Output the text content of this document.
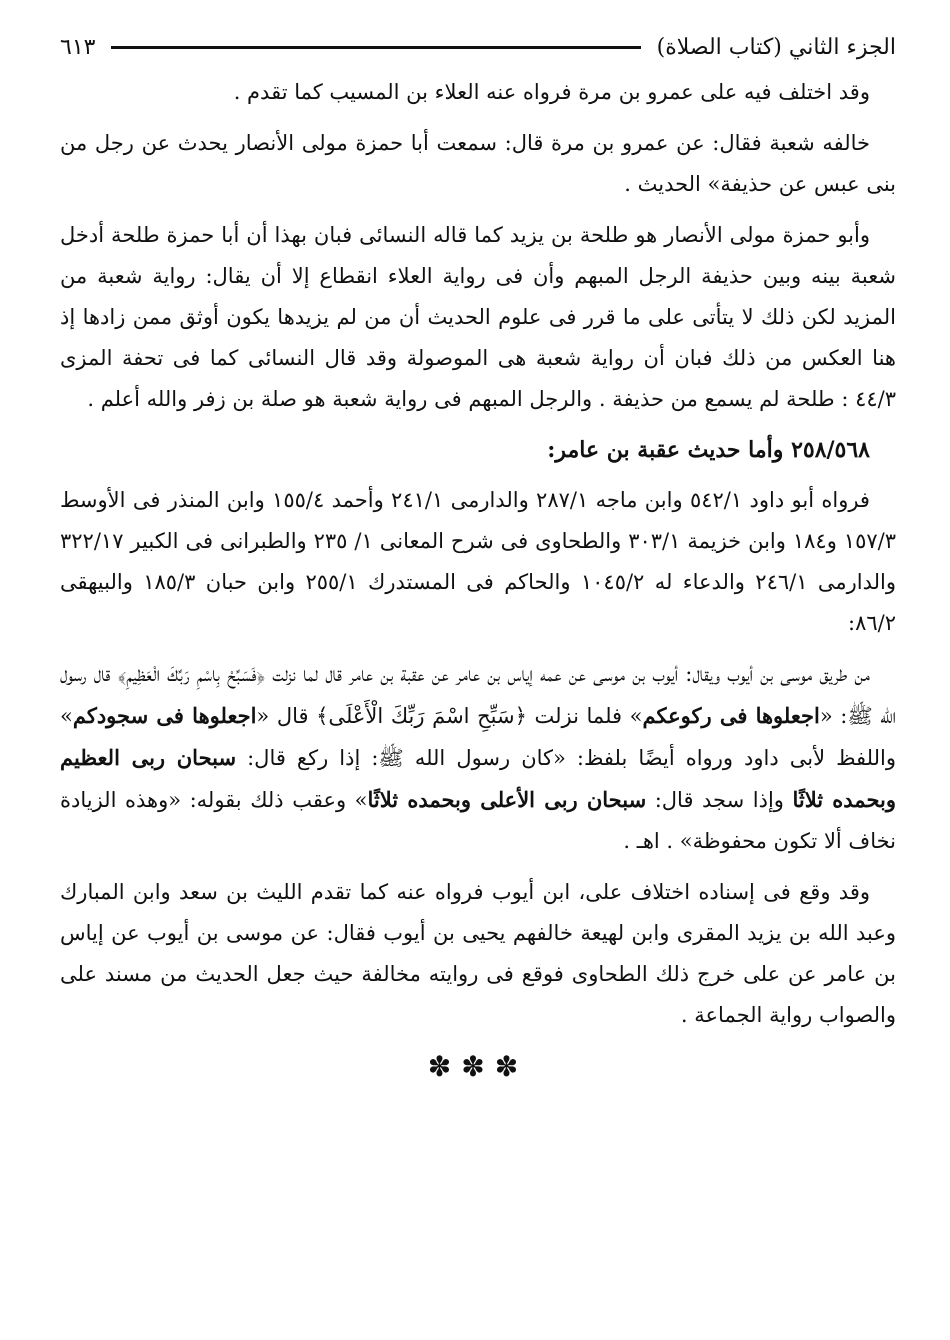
الجزء الثاني (كتاب الصلاة)
٦١٣

وقد اختلف فيه على عمرو بن مرة فرواه عنه العلاء بن المسيب كما تقدم .

خالفه شعبة فقال: عن عمرو بن مرة قال: سمعت أبا حمزة مولى الأنصار يحدث عن رجل من بنى عبس عن حذيفة» الحديث .

وأبو حمزة مولى الأنصار هو طلحة بن يزيد كما قاله النسائى فبان بهذا أن أبا حمزة طلحة أدخل شعبة بينه وبين حذيفة الرجل المبهم وأن فى رواية العلاء انقطاع إلا أن يقال: رواية شعبة من المزيد لكن ذلك لا يتأتى على ما قرر فى علوم الحديث أن من لم يزيدها يكون أوثق ممن زادها إذ هنا العكس من ذلك فبان أن رواية شعبة هى الموصولة وقد قال النسائى كما فى تحفة المزى ٤٤/٣ : طلحة لم يسمع من حذيفة . والرجل المبهم فى رواية شعبة هو صلة بن زفر والله أعلم .

٢٥٨/٥٦٨ وأما حديث عقبة بن عامر:

فرواه أبو داود ٥٤٢/١ وابن ماجه ٢٨٧/١ والدارمى ٢٤١/١ وأحمد ١٥٥/٤ وابن المنذر فى الأوسط ١٥٧/٣ و١٨٤ وابن خزيمة ٣٠٣/١ والطحاوى فى شرح المعانى ١/ ٢٣٥ والطبرانى فى الكبير ٣٢٢/١٧ والدارمى ٢٤٦/١ والدعاء له ١٠٤٥/٢ والحاكم فى المستدرك ٢٥٥/١ وابن حبان ١٨٥/٣ والبيهقى ٨٦/٢:

من طريق موسى بن أيوب ويقال: أيوب بن موسى عن عمه إياس بن عامر عن عقبة بن عامر قال لما نزلت ﴿فَسَبِّحْ بِاسْمِ رَبِّكَ الْعَظِيمِ﴾ قال رسول الله ﷺ: «اجعلوها فى ركوعكم» فلما نزلت ﴿سَبِّحِ اسْمَ رَبِّكَ الْأَعْلَى﴾ قال «اجعلوها فى سجودكم» واللفظ لأبى داود ورواه أيضًا بلفظ: «كان رسول الله ﷺ: إذا ركع قال: سبحان ربى العظيم وبحمده ثلاثًا وإذا سجد قال: سبحان ربى الأعلى وبحمده ثلاثًا» وعقب ذلك بقوله: «وهذه الزيادة نخاف ألا تكون محفوظة» . اهـ .

وقد وقع فى إسناده اختلاف على، ابن أيوب فرواه عنه كما تقدم الليث بن سعد وابن المبارك وعبد الله بن يزيد المقرى وابن لهيعة خالفهم يحيى بن أيوب فقال: عن موسى بن أيوب عن إياس بن عامر عن على خرج ذلك الطحاوى فوقع فى روايته مخالفة حيث جعل الحديث من مسند على والصواب رواية الجماعة .

✽✽✽
